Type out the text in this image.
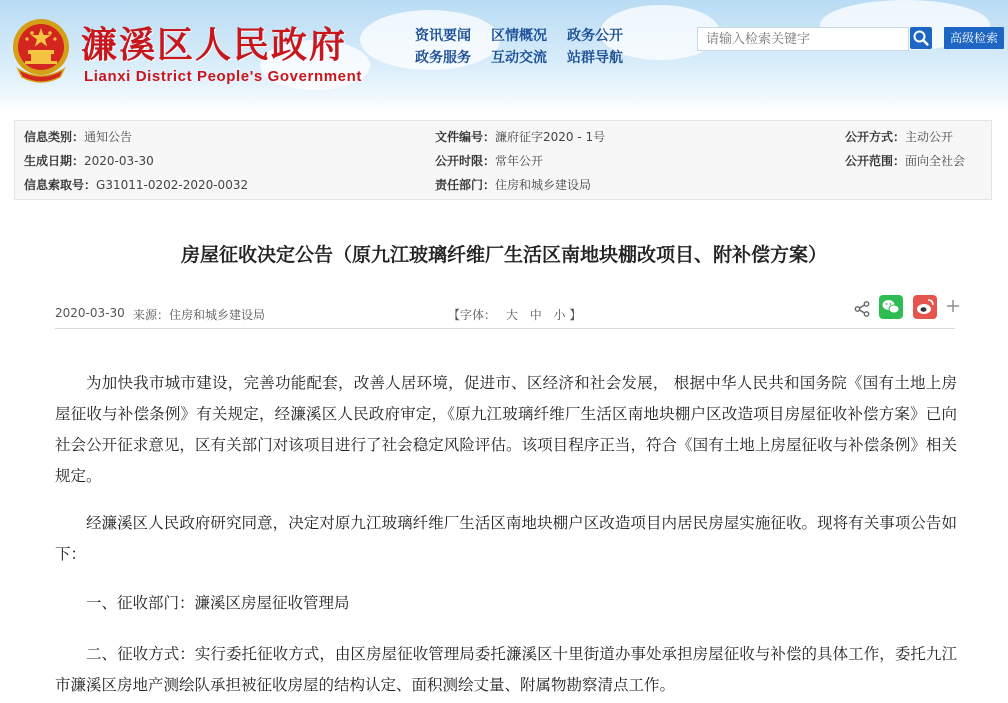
濂溪区人民政府
Lianxi District People's Government
资讯要闻 区情概况 政务公开
政务服务 互动交流 站群导航
请输入检索关键字
高级检索
信息类别：通知公告	文件编号：濂府征字2020 - 1号	公开方式：主动公开
生成日期：2020-03-30	公开时限：常年公开	公开范围：面向全社会
信息索取号：G31011-0202-2020-0032	责任部门：住房和城乡建设局
房屋征收决定公告（原九江玻璃纤维厂生活区南地块棚改项目、附补偿方案）
2020-03-30 来源：住房和城乡建设局	【字体： 大 中 小 】

为加快我市城市建设，完善功能配套，改善人居环境，促进市、区经济和社会发展， 根据中华人民共和国务院《国有土地上房屋征收与补偿条例》有关规定，经濂溪区人民政府审定，《原九江玻璃纤维厂生活区南地块棚户区改造项目房屋征收补偿方案》已向社会公开征求意见，区有关部门对该项目进行了社会稳定风险评估。该项目程序正当，符合《国有土地上房屋征收与补偿条例》相关规定。

经濂溪区人民政府研究同意，决定对原九江玻璃纤维厂生活区南地块棚户区改造项目内居民房屋实施征收。现将有关事项公告如下：

一、征收部门：濂溪区房屋征收管理局

二、征收方式：实行委托征收方式，由区房屋征收管理局委托濂溪区十里街道办事处承担房屋征收与补偿的具体工作，委托九江市濂溪区房地产测绘队承担被征收房屋的结构认定、面积测绘丈量、附属物勘察清点工作。
